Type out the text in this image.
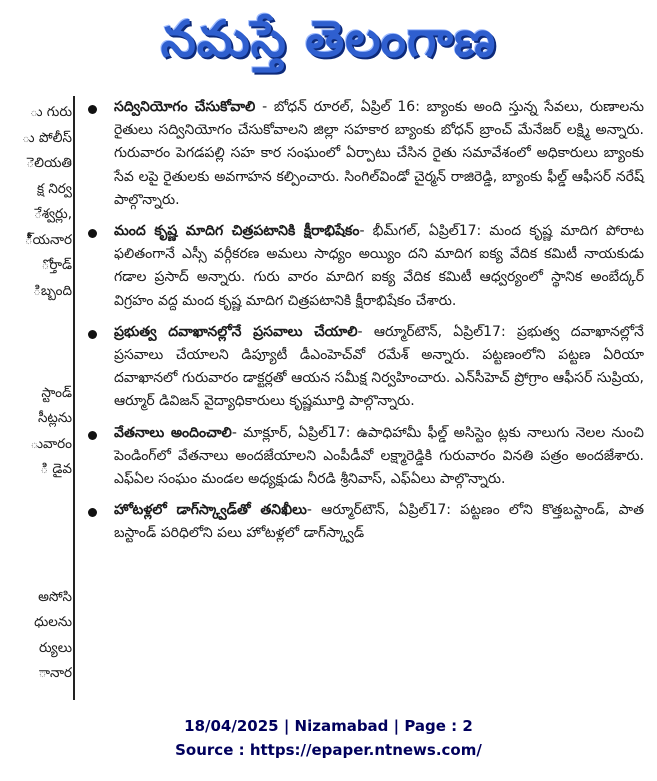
నమస్తే తెలంగాణ
ు గురు
ు పోలీస్
ెలియతి
క్ష నిర్వ
ేశ్వర్లు,
ీ్యనార
ోర్తాడ్
ిబ్బంది
స్టాండ్
సీట్లను
ువారం
ి డైవ
అసోసి
ధులను
ర్యులు
ానార

సద్వినియోగం చేసుకోవాలి - బోధన్ రూరల్, ఏప్రిల్ 16: బ్యాంకు అంది స్తున్న సేవలు, రుణాలను రైతులు సద్వినియోగం చేసుకోవాలని జిల్లా సహకార బ్యాంకు బోధన్ బ్రాంచ్ మేనేజర్ లక్ష్మి అన్నారు. గురువారం పెగడపల్లి సహ కార సంఘంలో ఏర్పాటు చేసిన రైతు సమావేశంలో అధికారులు బ్యాంకు సేవ లపై రైతులకు అవగాహన కల్పించారు. సింగిల్‌విండో చైర్మన్ రాజిరెడ్డి, బ్యాంకు ఫీల్డ్ ఆఫీసర్ నరేష్ పాల్గొన్నారు.

మంద కృష్ణ మాదిగ చిత్రపటానికి క్షీరాభిషేకం- భీమ్‌గల్, ఏప్రిల్17: మంద కృష్ణ మాదిగ పోరాట ఫలితంగానే ఎస్సీ వర్గీకరణ అమలు సాధ్యం అయ్యిం దని మాదిగ ఐక్య వేదిక కమిటీ నాయకుడు గడాల ప్రసాద్ అన్నారు. గురు వారం మాదిగ ఐక్య వేదిక కమిటీ ఆధ్వర్యంలో స్థానిక అంబేద్కర్ విగ్రహం వద్ద మంద కృష్ణ మాదిగ చిత్రపటానికి క్షీరాభిషేకం చేశారు.

ప్రభుత్వ దవాఖానల్లోనే ప్రసవాలు చేయాలి- ఆర్మూర్‌టౌన్, ఏప్రిల్17: ప్రభుత్వ దవాఖానల్లోనే ప్రసవాలు చేయాలని డిప్యూటీ డీఎంహెచ్‌వో రమేశ్ అన్నారు. పట్టణంలోని పట్టణ ఏరియా దవాఖానలో గురువారం డాక్టర్లతో ఆయన సమీక్ష నిర్వహించారు. ఎన్‌సీహెచ్ ప్రోగ్రాం ఆఫీసర్ సుప్రియ, ఆర్మూర్ డివిజన్ వైద్యాధికారులు కృష్ణమూర్తి పాల్గొన్నారు.

వేతనాలు అందించాలి- మాక్లూర్, ఏప్రిల్17: ఉపాధిహామీ ఫీల్డ్ అసిస్టెం ట్లకు నాలుగు నెలల నుంచి పెండింగ్‌లో వేతనాలు అందజేయాలని ఎంపీడీవో లక్ష్మారెడ్డికి గురువారం వినతి పత్రం అందజేశారు. ఎఫ్ఏల సంఘం మండల అధ్యక్షుడు నీరడి శ్రీనివాస్, ఎఫ్ఏలు పాల్గొన్నారు.

హోటళ్లలో డాగ్‌స్క్వాడ్‌తో తనిఖీలు- ఆర్మూర్‌టౌన్, ఏప్రిల్17: పట్టణం లోని కొత్తబస్టాండ్, పాత బస్టాండ్ పరిధిలోని పలు హోటళ్లలో డాగ్‌స్క్వాడ్

18/04/2025 | Nizamabad | Page : 2
Source : https://epaper.ntnews.com/
